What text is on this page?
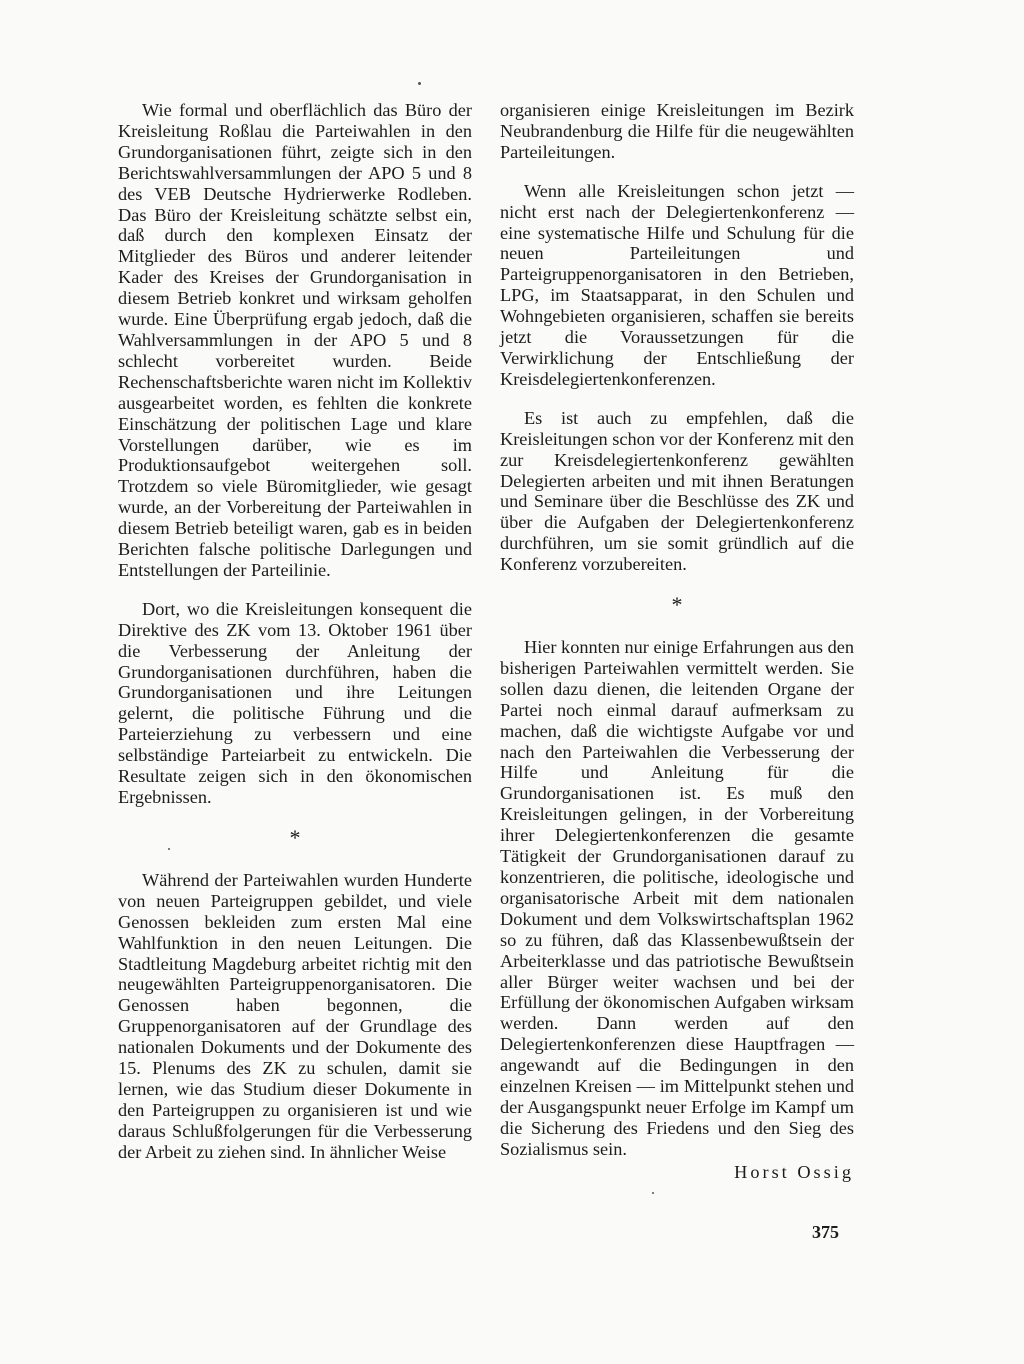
Wie formal und oberflächlich das Büro der Kreisleitung Roßlau die Parteiwahlen in den Grundorganisationen führt, zeigte sich in den Berichtswahlversammlungen der APO 5 und 8 des VEB Deutsche Hydrierwerke Rodleben. Das Büro der Kreisleitung schätzte selbst ein, daß durch den komplexen Einsatz der Mitglieder des Büros und anderer leitender Kader des Kreises der Grundorganisation in diesem Betrieb konkret und wirksam geholfen wurde. Eine Überprüfung ergab jedoch, daß die Wahlversammlungen in der APO 5 und 8 schlecht vorbereitet wurden. Beide Rechenschaftsberichte waren nicht im Kollektiv ausgearbeitet worden, es fehlten die konkrete Einschätzung der politischen Lage und klare Vorstellungen darüber, wie es im Produktionsaufgebot weitergehen soll. Trotzdem so viele Büromitglieder, wie gesagt wurde, an der Vorbereitung der Parteiwahlen in diesem Betrieb beteiligt waren, gab es in beiden Berichten falsche politische Darlegungen und Entstellungen der Parteilinie.

Dort, wo die Kreisleitungen konsequent die Direktive des ZK vom 13. Oktober 1961 über die Verbesserung der Anleitung der Grundorganisationen durchführen, haben die Grundorganisationen und ihre Leitungen gelernt, die politische Führung und die Parteierziehung zu verbessern und eine selbständige Parteiarbeit zu entwickeln. Die Resultate zeigen sich in den ökonomischen Ergebnissen.

*

Während der Parteiwahlen wurden Hunderte von neuen Parteigruppen gebildet, und viele Genossen bekleiden zum ersten Mal eine Wahlfunktion in den neuen Leitungen. Die Stadtleitung Magdeburg arbeitet richtig mit den neugewählten Parteigruppenorganisatoren. Die Genossen haben begonnen, die Gruppenorganisatoren auf der Grundlage des nationalen Dokuments und der Dokumente des 15. Plenums des ZK zu schulen, damit sie lernen, wie das Studium dieser Dokumente in den Parteigruppen zu organisieren ist und wie daraus Schlußfolgerungen für die Verbesserung der Arbeit zu ziehen sind. In ähnlicher Weise

organisieren einige Kreisleitungen im Bezirk Neubrandenburg die Hilfe für die neugewählten Parteileitungen.

Wenn alle Kreisleitungen schon jetzt — nicht erst nach der Delegiertenkonferenz — eine systematische Hilfe und Schulung für die neuen Parteileitungen und Parteigruppenorganisatoren in den Betrieben, LPG, im Staatsapparat, in den Schulen und Wohngebieten organisieren, schaffen sie bereits jetzt die Voraussetzungen für die Verwirklichung der Entschließung der Kreisdelegiertenkonferenzen.

Es ist auch zu empfehlen, daß die Kreisleitungen schon vor der Konferenz mit den zur Kreisdelegiertenkonferenz gewählten Delegierten arbeiten und mit ihnen Beratungen und Seminare über die Beschlüsse des ZK und über die Aufgaben der Delegiertenkonferenz durchführen, um sie somit gründlich auf die Konferenz vorzubereiten.

*

Hier konnten nur einige Erfahrungen aus den bisherigen Parteiwahlen vermittelt werden. Sie sollen dazu dienen, die leitenden Organe der Partei noch einmal darauf aufmerksam zu machen, daß die wichtigste Aufgabe vor und nach den Parteiwahlen die Verbesserung der Hilfe und Anleitung für die Grundorganisationen ist. Es muß den Kreisleitungen gelingen, in der Vorbereitung ihrer Delegiertenkonferenzen die gesamte Tätigkeit der Grundorganisationen darauf zu konzentrieren, die politische, ideologische und organisatorische Arbeit mit dem nationalen Dokument und dem Volkswirtschaftsplan 1962 so zu führen, daß das Klassenbewußtsein der Arbeiterklasse und das patriotische Bewußtsein aller Bürger weiter wachsen und bei der Erfüllung der ökonomischen Aufgaben wirksam werden. Dann werden auf den Delegiertenkonferenzen diese Hauptfragen — angewandt auf die Bedingungen in den einzelnen Kreisen — im Mittelpunkt stehen und der Ausgangspunkt neuer Erfolge im Kampf um die Sicherung des Friedens und den Sieg des Sozialismus sein.

Horst Ossig
375
